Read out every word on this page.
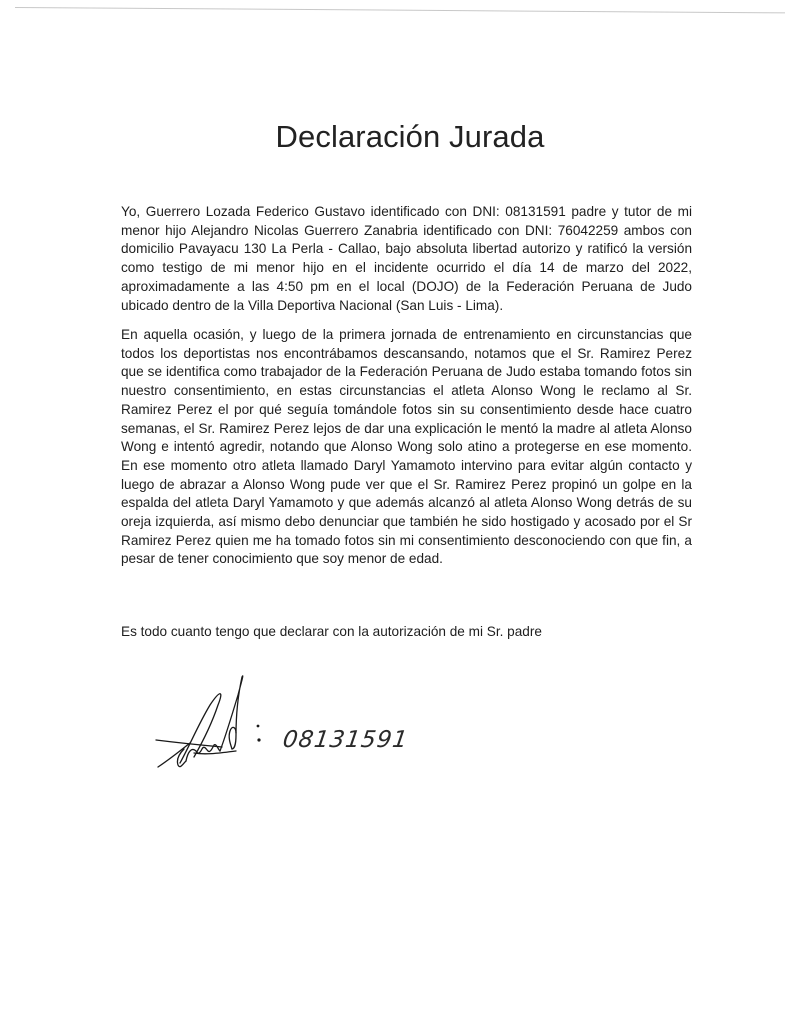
Declaración Jurada

Yo, Guerrero Lozada Federico Gustavo identificado con DNI: 08131591 padre y tutor de mi menor hijo Alejandro Nicolas Guerrero Zanabria identificado con DNI: 76042259 ambos con domicilio Pavayacu 130 La Perla - Callao, bajo absoluta libertad autorizo y ratificó la versión como testigo de mi menor hijo en el incidente ocurrido el día 14 de marzo del 2022, aproximadamente a las 4:50 pm en el local (DOJO) de la Federación Peruana de Judo ubicado dentro de la Villa Deportiva Nacional (San Luis - Lima).

En aquella ocasión, y luego de la primera jornada de entrenamiento en circunstancias que todos los deportistas nos encontrábamos descansando, notamos que el Sr. Ramirez Perez que se identifica como trabajador de la Federación Peruana de Judo estaba tomando fotos sin nuestro consentimiento, en estas circunstancias el atleta Alonso Wong le reclamo al Sr. Ramirez Perez el por qué seguía tomándole fotos sin su consentimiento desde hace cuatro semanas, el Sr. Ramirez Perez lejos de dar una explicación le mentó la madre al atleta Alonso Wong e intentó agredir, notando que Alonso Wong solo atino a protegerse en ese momento. En ese momento otro atleta llamado Daryl Yamamoto intervino para evitar algún contacto y luego de abrazar a Alonso Wong pude ver que el Sr. Ramirez Perez propinó un golpe en la espalda del atleta Daryl Yamamoto y que además alcanzó al atleta Alonso Wong detrás de su oreja izquierda, así mismo debo denunciar que también he sido hostigado y acosado por el Sr Ramirez Perez quien me ha tomado fotos sin mi consentimiento desconociendo con que fin, a pesar de tener conocimiento que soy menor de edad.

Es todo cuanto tengo que declarar con la autorización de mi Sr. padre

08131591
